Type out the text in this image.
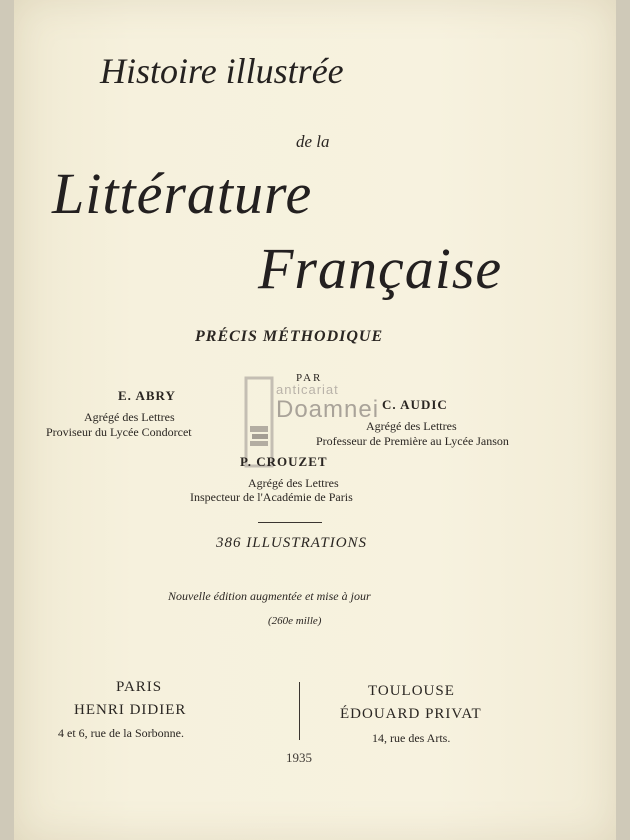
Histoire illustrée
de la
Littérature
Française
PRÉCIS MÉTHODIQUE
PAR
anticariat
Doamnei
E. ABRY
Agrégé des Lettres
Proviseur du Lycée Condorcet
C. AUDIC
Agrégé des Lettres
Professeur de Première au Lycée Janson
P. CROUZET
Agrégé des Lettres
Inspecteur de l'Académie de Paris
386 ILLUSTRATIONS
Nouvelle édition augmentée et mise à jour
(260e mille)
PARIS
HENRI DIDIER
4 et 6, rue de la Sorbonne.
TOULOUSE
ÉDOUARD PRIVAT
14, rue des Arts.
1935
